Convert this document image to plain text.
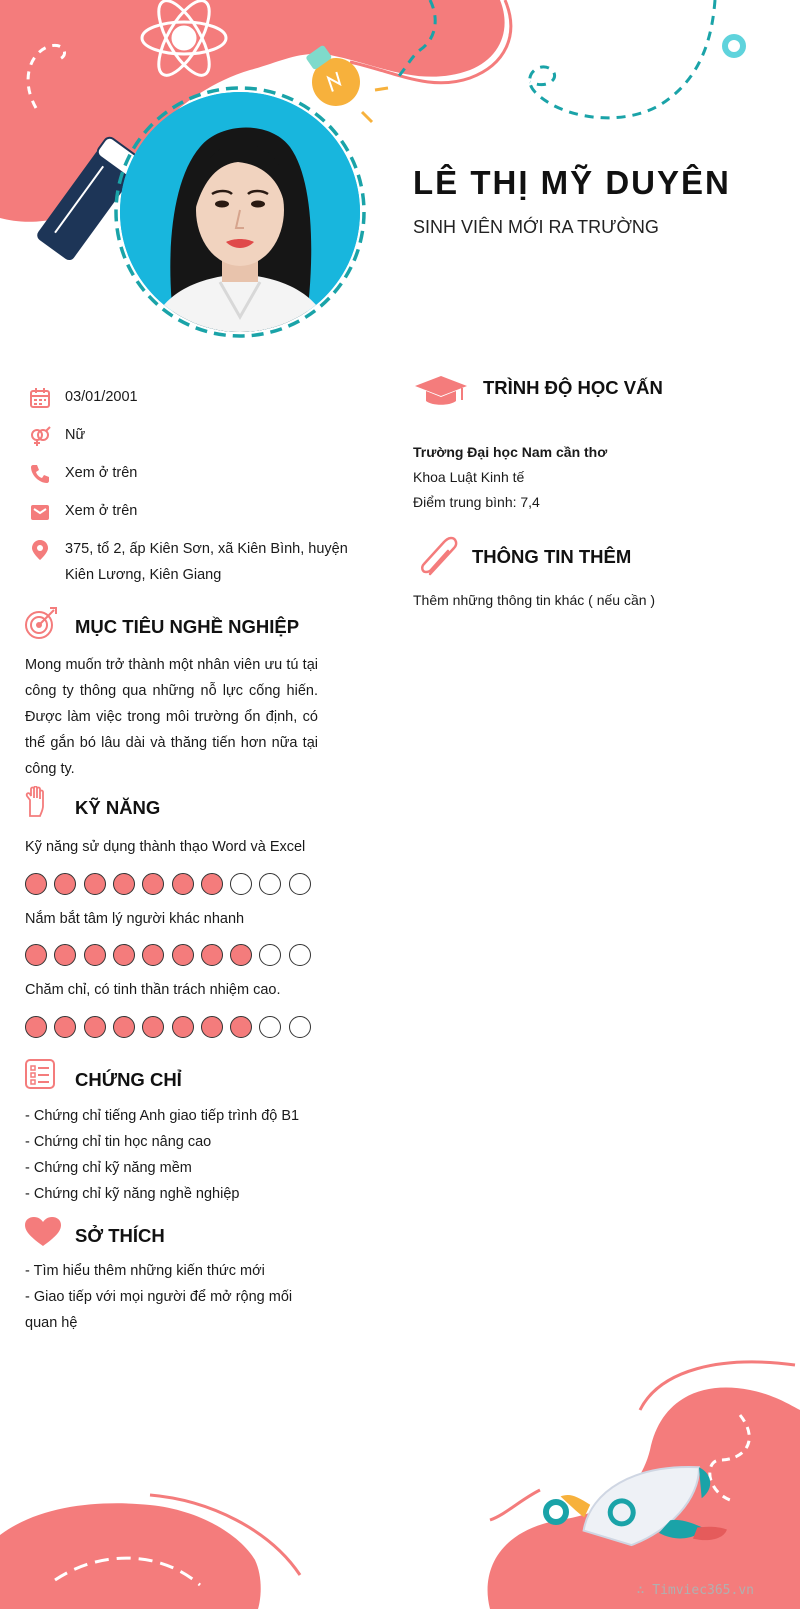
LÊ THỊ MỸ DUYÊN
SINH VIÊN MỚI RA TRƯỜNG
03/01/2001
Nữ
Xem ở trên
Xem ở trên
375, tổ 2, ấp Kiên Sơn, xã Kiên Bình, huyện Kiên Lương, Kiên Giang
MỤC TIÊU NGHỀ NGHIỆP
Mong muốn trở thành một nhân viên ưu tú tại công ty thông qua những nỗ lực cống hiến. Được làm việc trong môi trường ổn định, có thể gắn bó lâu dài và thăng tiến hơn nữa tại công ty.
KỸ NĂNG
Kỹ năng sử dụng thành thạo Word và Excel
Nắm bắt tâm lý người khác nhanh
Chăm chỉ, có tinh thần trách nhiệm cao.
CHỨNG CHỈ
- Chứng chỉ tiếng Anh giao tiếp trình độ B1
- Chứng chỉ tin học nâng cao
- Chứng chỉ kỹ năng mềm
- Chứng chỉ kỹ năng nghề nghiệp
SỞ THÍCH
- Tìm hiểu thêm những kiến thức mới
- Giao tiếp với mọi người để mở rộng mối quan hệ
TRÌNH ĐỘ HỌC VẤN
Trường Đại học Nam cần thơ
Khoa Luật Kinh tế
Điểm trung bình: 7,4
THÔNG TIN THÊM
Thêm những thông tin khác ( nếu cần )
∴ Timviec365.vn
